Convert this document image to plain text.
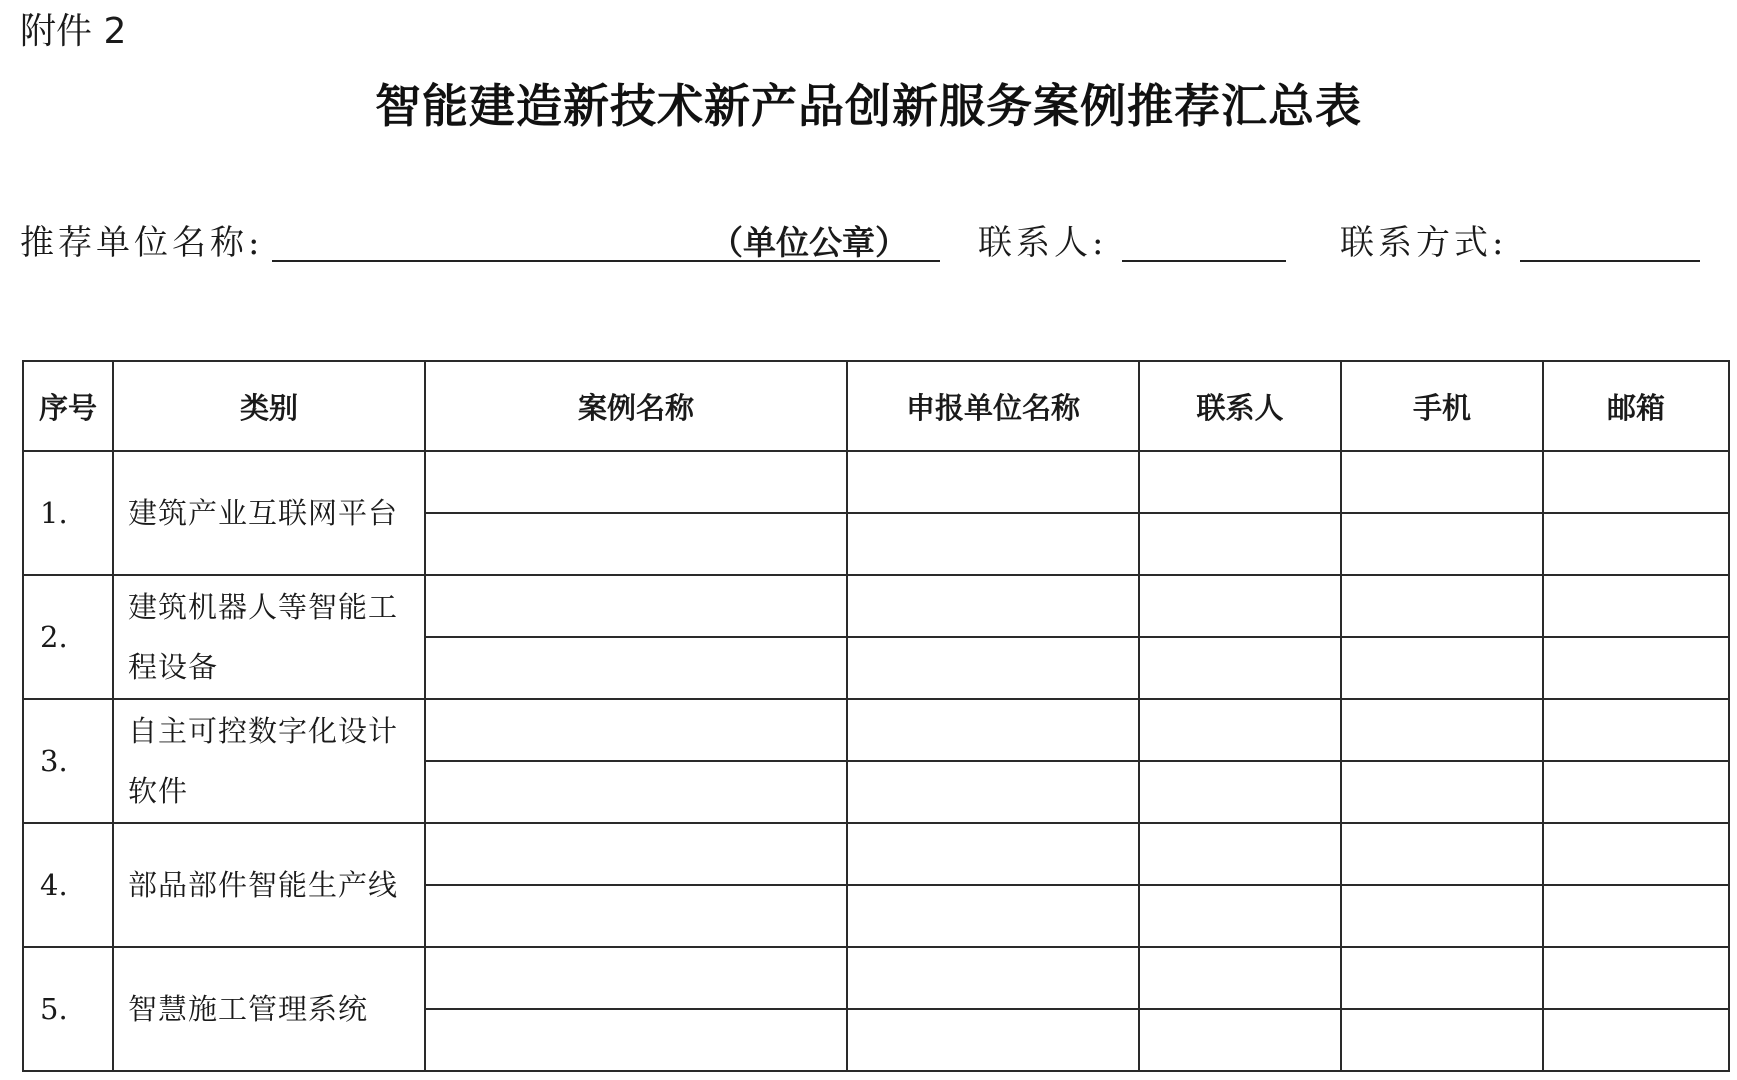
附件 2
智能建造新技术新产品创新服务案例推荐汇总表
推荐单位名称:	（单位公章） 联系人:	联系方式:
序号	类别	案例名称	申报单位名称	联系人	手机	邮箱
1.	建筑产业互联网平台					

2.	建筑机器人等智能工程设备					

3.	自主可控数字化设计软件					

4.	部品部件智能生产线					

5.	智慧施工管理系统					
